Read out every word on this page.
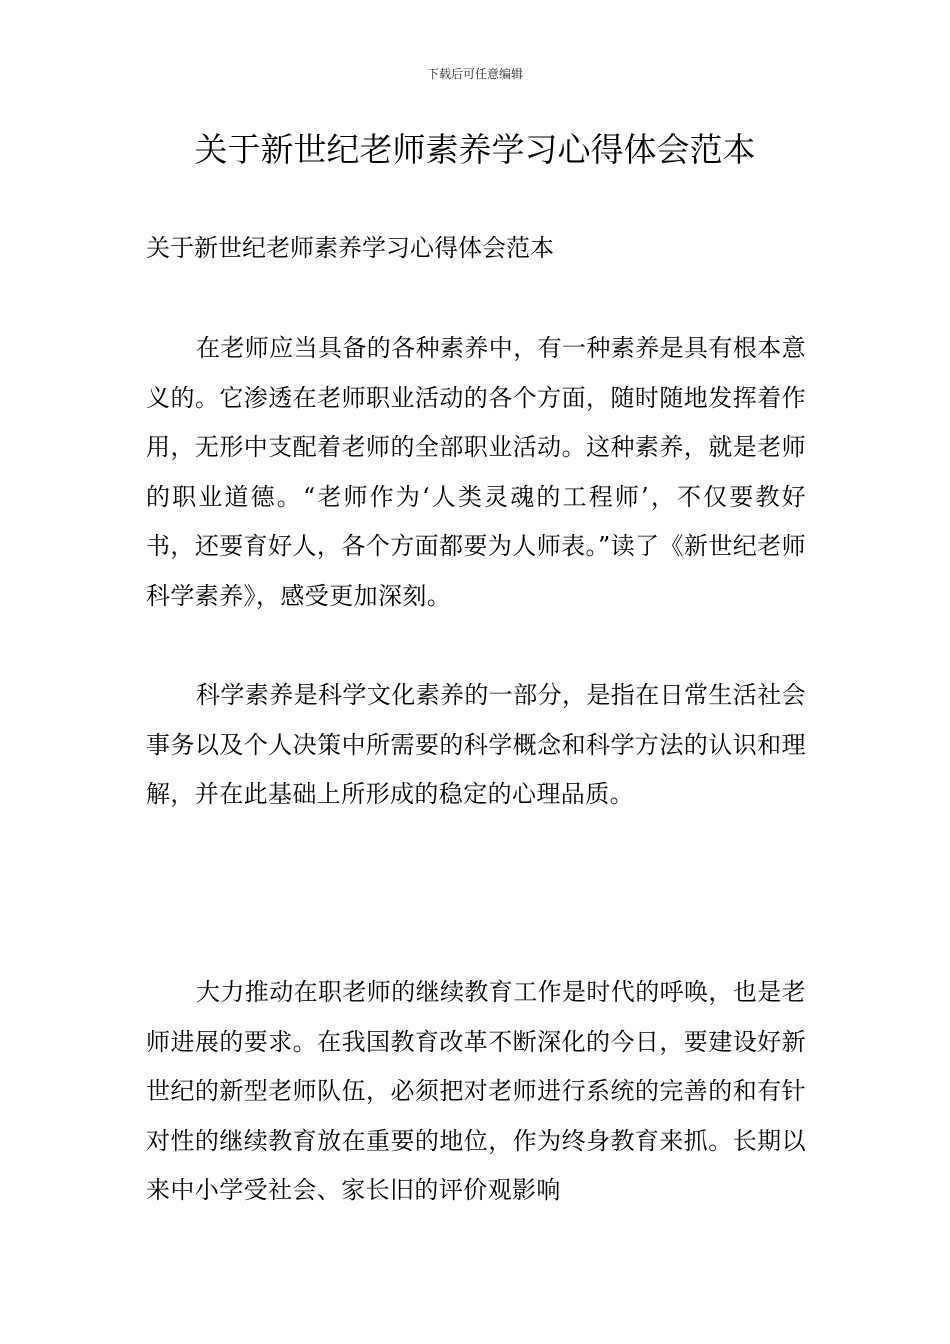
下载后可任意编辑
关于新世纪老师素养学习心得体会范本

关于新世纪老师素养学习心得体会范本

在老师应当具备的各种素养中，有一种素养是具有根本意义的。它渗透在老师职业活动的各个方面，随时随地发挥着作用，无形中支配着老师的全部职业活动。这种素养，就是老师的职业道德。“老师作为‘人类灵魂的工程师’，不仅要教好书，还要育好人，各个方面都要为人师表。”读了《新世纪老师科学素养》，感受更加深刻。

科学素养是科学文化素养的一部分，是指在日常生活社会事务以及个人决策中所需要的科学概念和科学方法的认识和理解，并在此基础上所形成的稳定的心理品质。

大力推动在职老师的继续教育工作是时代的呼唤，也是老师进展的要求。在我国教育改革不断深化的今日，要建设好新世纪的新型老师队伍，必须把对老师进行系统的完善的和有针对性的继续教育放在重要的地位，作为终身教育来抓。长期以来中小学受社会、家长旧的评价观影响
